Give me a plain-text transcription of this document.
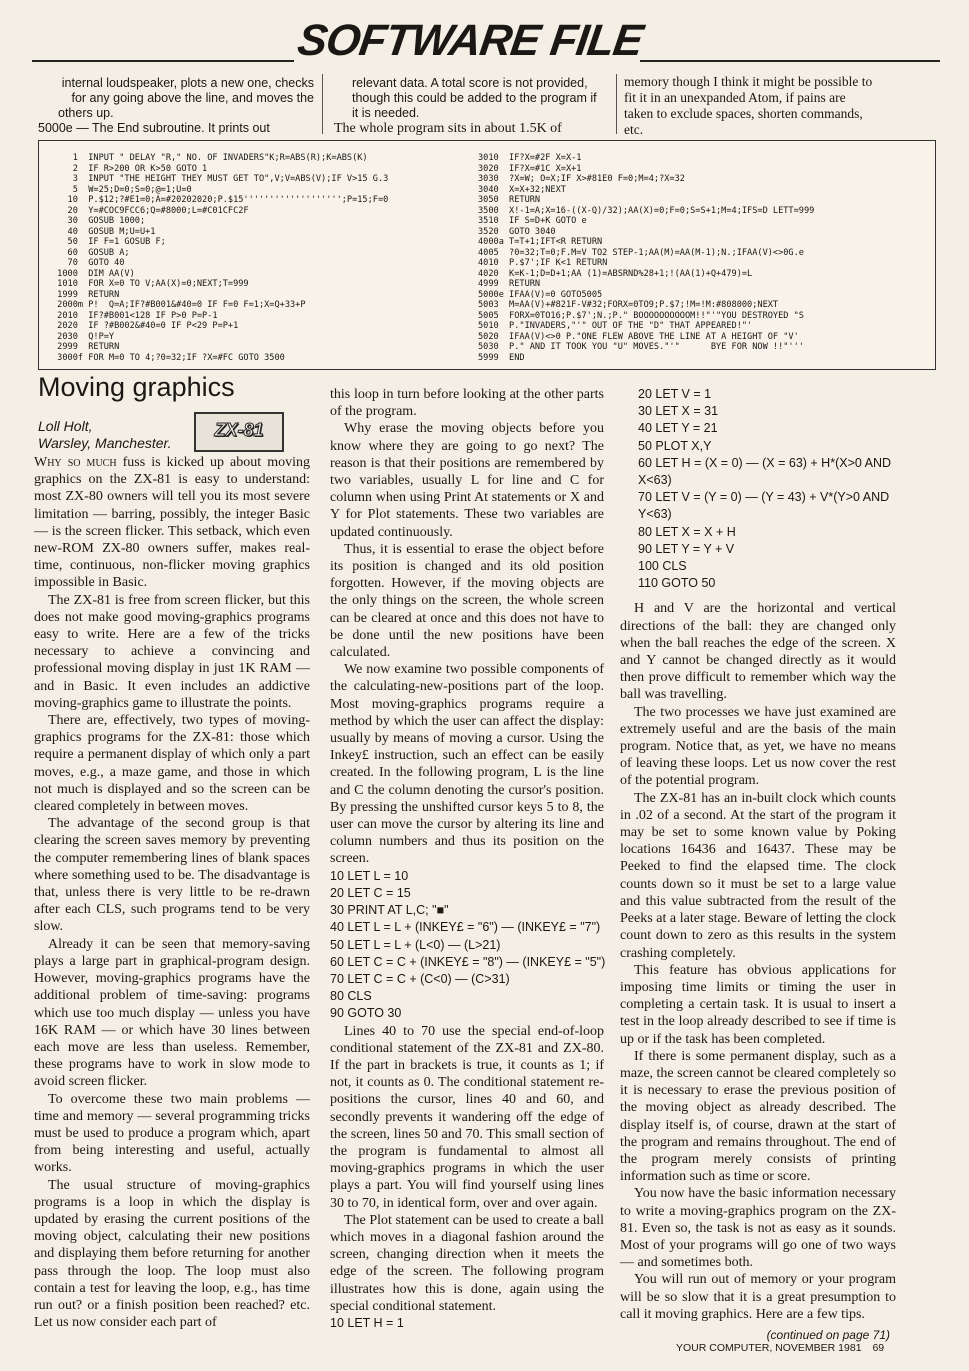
SOFTWARE FILE

internal loudspeaker, plots a new one, checks

for any going above the line, and moves the

others up.

5000e — The End subroutine. It prints out

relevant data. A total score is not provided,

though this could be added to the program if

it is needed.

The whole program sits in about 1.5K of

memory though I think it might be possible to

fit it in an unexpanded Atom, if pains are

taken to exclude spaces, shorten commands,

etc.

1  INPUT " DELAY "R," NO. OF INVADERS"K;R=ABS(R);K=ABS(K)
2  IF R>200 OR K>50 GOTO 1
3  INPUT "THE HEIGHT THEY MUST GET TO",V;V=ABS(V);IF V>15 G.3
5  W=25;D=0;S=0;@=1;U=0
10  P.$12;?#E1=0;A=#20202020;P.$15''''''''''''''''''';P=15;F=0
20  Y=#COC9FCC6;Q=#8000;L=#C01CFC2F
30  GOSUB 1000;
40  GOSUB M;U=U+1
50  IF F=1 GOSUB F;
60  GOSUB A;
70  GOTO 40
1000  DIM AA(V)
1010  FOR X=0 TO V;AA(X)=0;NEXT;T=999
1999  RETURN
2000m P!  Q=A;IF?#B001&#40=0 IF F=0 F=1;X=Q+33+P
2010  IF?#B001<128 IF P>0 P=P-1
2020  IF ?#B002&#40=0 IF P<29 P=P+1
2030  Q!P=Y
2999  RETURN
3000f FOR M=0 TO 4;?0=32;IF ?X=#FC GOTO 3500
3010  IF?X=#2F X=X-1
3020  IF?X=#1C X=X+1
3030  ?X=W; O=X;IF X>#81E0 F=0;M=4;?X=32
3040  X=X+32;NEXT
3050  RETURN
3500  X!-1=A;X=16-((X-Q)/32);AA(X)=0;F=0;S=S+1;M=4;IFS=D LETT=999
3510  IF S=D+K GOTO e
3520  GOTO 3040
4000a T=T+1;IFT<R RETURN
4005  ?0=32;T=0;F.M=V TO2 STEP-1;AA(M)=AA(M-1);N.;IFAA(V)<>0G.e
4010  P.$7';IF K<1 RETURN
4020  K=K-1;D=D+1;AA (1)=ABSRND%28+1;!(AA(1)+Q+479)=L
4999  RETURN
5000e IFAA(V)=0 GOTO5005
5003  M=AA(V)+#821F-V#32;FORX=0TO9;P.$7;!M=!M:#808000;NEXT
5005  FORX=0TO16;P.$7';N.;P." BOOOOOOOOOOM!!"'"YOU DESTROYED "S
5010  P."INVADERS,"'" OUT OF THE "D" THAT APPEARED!"'
5020  IFAA(V)<>0 P."ONE FLEW ABOVE THE LINE AT A HEIGHT OF "V'
5030  P." AND IT TOOK YOU "U" MOVES."'"      BYE FOR NOW !!"'''
5999  END
Moving graphics
Loll Holt,
Warsley, Manchester.
ZX-81

Why so much fuss is kicked up about moving graphics on the ZX-81 is easy to understand: most ZX-80 owners will tell you its most severe limitation — barring, possibly, the integer Basic — is the screen flicker. This setback, which even new-ROM ZX-80 owners suffer, makes real-time, continuous, non-flicker moving graphics impossible in Basic.

The ZX-81 is free from screen flicker, but this does not make good moving-graphics programs easy to write. Here are a few of the tricks necessary to achieve a convincing and professional moving display in just 1K RAM — and in Basic. It even includes an addictive moving-graphics game to illustrate the points.

There are, effectively, two types of moving-graphics programs for the ZX-81: those which require a permanent display of which only a part moves, e.g., a maze game, and those in which not much is displayed and so the screen can be cleared completely in between moves.

The advantage of the second group is that clearing the screen saves memory by preventing the computer remembering lines of blank spaces where something used to be. The disadvantage is that, unless there is very little to be re-drawn after each CLS, such programs tend to be very slow.

Already it can be seen that memory-saving plays a large part in graphical-program design. However, moving-graphics programs have the additional problem of time-saving: programs which use too much display — unless you have 16K RAM — or which have 30 lines between each move are less than useless. Remember, these programs have to work in slow mode to avoid screen flicker.

To overcome these two main problems — time and memory — several programming tricks must be used to produce a program which, apart from being interesting and useful, actually works.

The usual structure of moving-graphics programs is a loop in which the display is updated by erasing the current positions of the moving object, calculating their new positions and displaying them before returning for another pass through the loop. The loop must also contain a test for leaving the loop, e.g., has time run out? or a finish position been reached? etc. Let us now consider each part of

this loop in turn before looking at the other parts of the program.

Why erase the moving objects before you know where they are going to go next? The reason is that their positions are remembered by two variables, usually L for line and C for column when using Print At statements or X and Y for Plot statements. These two variables are updated continuously.

Thus, it is essential to erase the object before its position is changed and its old position forgotten. However, if the moving objects are the only things on the screen, the whole screen can be cleared at once and this does not have to be done until the new positions have been calculated.

We now examine two possible components of the calculating-new-positions part of the loop. Most moving-graphics programs require a method by which the user can affect the display: usually by means of moving a cursor. Using the Inkey£ instruction, such an effect can be easily created. In the following program, L is the line and C the column denoting the cursor's position. By pressing the unshifted cursor keys 5 to 8, the user can move the cursor by altering its line and column numbers and thus its position on the screen.

10 LET L = 10
20 LET C = 15
30 PRINT AT L,C; "■"
40 LET L = L + (INKEY£ = "6") — (INKEY£ = "7")
50 LET L = L + (L<0) — (L>21)
60 LET C = C + (INKEY£ = "8") — (INKEY£ = "5")
70 LET C = C + (C<0) — (C>31)
80 CLS
90 GOTO 30

Lines 40 to 70 use the special end-of-loop conditional statement of the ZX-81 and ZX-80. If the part in brackets is true, it counts as 1; if not, it counts as 0. The conditional statement re-positions the cursor, lines 40 and 60, and secondly prevents it wandering off the edge of the screen, lines 50 and 70. This small section of the program is fundamental to almost all moving-graphics programs in which the user plays a part. You will find yourself using lines 30 to 70, in identical form, over and over again.

The Plot statement can be used to create a ball which moves in a diagonal fashion around the screen, changing direction when it meets the edge of the screen. The following program illustrates how this is done, again using the special conditional statement.

10 LET H = 1
20 LET V = 1
30 LET X = 31
40 LET Y = 21
50 PLOT X,Y
60 LET H = (X = 0) — (X = 63) + H*(X>0 AND
X<63)
70 LET V = (Y = 0) — (Y = 43) + V*(Y>0 AND
Y<63)
80 LET X = X + H
90 LET Y = Y + V
100 CLS
110 GOTO 50

H and V are the horizontal and vertical directions of the ball: they are changed only when the ball reaches the edge of the screen. X and Y cannot be changed directly as it would then prove difficult to remember which way the ball was travelling.

The two processes we have just examined are extremely useful and are the basis of the main program. Notice that, as yet, we have no means of leaving these loops. Let us now cover the rest of the potential program.

The ZX-81 has an in-built clock which counts in .02 of a second. At the start of the program it may be set to some known value by Poking locations 16436 and 16437. These may be Peeked to find the elapsed time. The clock counts down so it must be set to a large value and this value subtracted from the result of the Peeks at a later stage. Beware of letting the clock count down to zero as this results in the system crashing completely.

This feature has obvious applications for imposing time limits or timing the user in completing a certain task. It is usual to insert a test in the loop already described to see if time is up or if the task has been completed.

If there is some permanent display, such as a maze, the screen cannot be cleared completely so it is necessary to erase the previous position of the moving object as already described. The display itself is, of course, drawn at the start of the program and remains throughout. The end of the program merely consists of printing information such as time or score.

You now have the basic information necessary to write a moving-graphics program on the ZX-81. Even so, the task is not as easy as it sounds. Most of your programs will go one of two ways — and sometimes both.

You will run out of memory or your program will be so slow that it is a great presumption to call it moving graphics. Here are a few tips.

(continued on page 71)
YOUR COMPUTER, NOVEMBER 1981 69
